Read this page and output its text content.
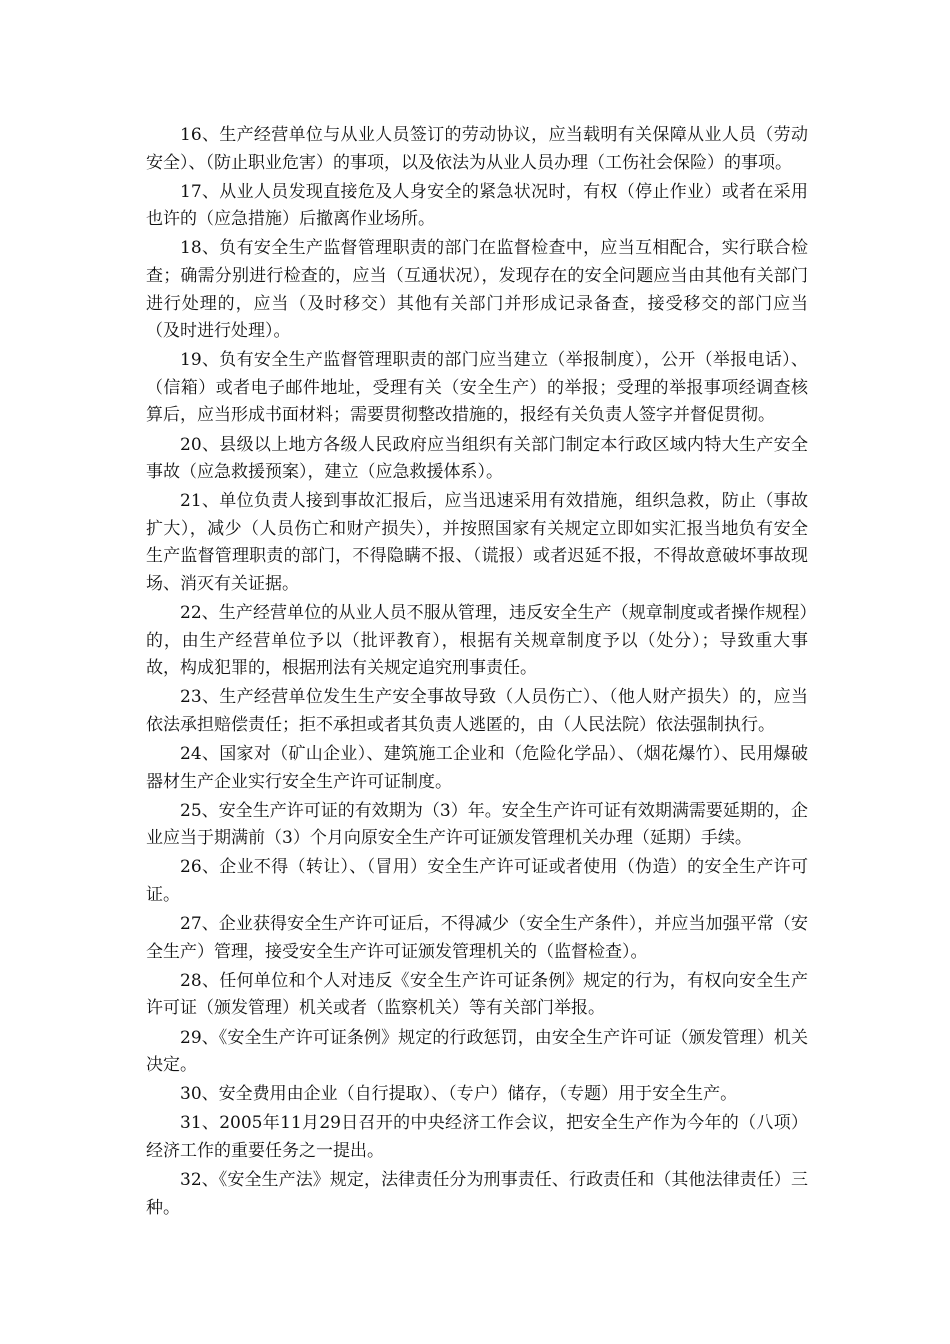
16、生产经营单位与从业人员签订的劳动协议，应当载明有关保障从业人员（劳动安全）、（防止职业危害）的事项，以及依法为从业人员办理（工伤社会保险）的事项。

17、从业人员发现直接危及人身安全的紧急状况时，有权（停止作业）或者在采用也许的（应急措施）后撤离作业场所。

18、负有安全生产监督管理职责的部门在监督检查中，应当互相配合，实行联合检查；确需分别进行检查的，应当（互通状况），发现存在的安全问题应当由其他有关部门进行处理的，应当（及时移交）其他有关部门并形成记录备查，接受移交的部门应当（及时进行处理）。

19、负有安全生产监督管理职责的部门应当建立（举报制度），公开（举报电话）、（信箱）或者电子邮件地址，受理有关（安全生产）的举报；受理的举报事项经调查核算后，应当形成书面材料；需要贯彻整改措施的，报经有关负责人签字并督促贯彻。

20、县级以上地方各级人民政府应当组织有关部门制定本行政区域内特大生产安全事故（应急救援预案），建立（应急救援体系）。

21、单位负责人接到事故汇报后，应当迅速采用有效措施，组织急救，防止（事故扩大），减少（人员伤亡和财产损失），并按照国家有关规定立即如实汇报当地负有安全生产监督管理职责的部门，不得隐瞒不报、（谎报）或者迟延不报，不得故意破坏事故现场、消灭有关证据。

22、生产经营单位的从业人员不服从管理，违反安全生产（规章制度或者操作规程）的，由生产经营单位予以（批评教育），根据有关规章制度予以（处分）；导致重大事故，构成犯罪的，根据刑法有关规定追究刑事责任。

23、生产经营单位发生生产安全事故导致（人员伤亡）、（他人财产损失）的，应当依法承担赔偿责任；拒不承担或者其负责人逃匿的，由（人民法院）依法强制执行。

24、国家对（矿山企业）、建筑施工企业和（危险化学品）、（烟花爆竹）、民用爆破器材生产企业实行安全生产许可证制度。

25、安全生产许可证的有效期为（3）年。安全生产许可证有效期满需要延期的，企业应当于期满前（3）个月向原安全生产许可证颁发管理机关办理（延期）手续。

26、企业不得（转让）、（冒用）安全生产许可证或者使用（伪造）的安全生产许可证。

27、企业获得安全生产许可证后，不得减少（安全生产条件），并应当加强平常（安全生产）管理，接受安全生产许可证颁发管理机关的（监督检查）。

28、任何单位和个人对违反《安全生产许可证条例》规定的行为，有权向安全生产许可证（颁发管理）机关或者（监察机关）等有关部门举报。

29、《安全生产许可证条例》规定的行政惩罚，由安全生产许可证（颁发管理）机关决定。

30、安全费用由企业（自行提取）、（专户）储存，（专题）用于安全生产。

31、2005年11月29日召开的中央经济工作会议，把安全生产作为今年的（八项）经济工作的重要任务之一提出。

32、《安全生产法》规定，法律责任分为刑事责任、行政责任和（其他法律责任）三种。
